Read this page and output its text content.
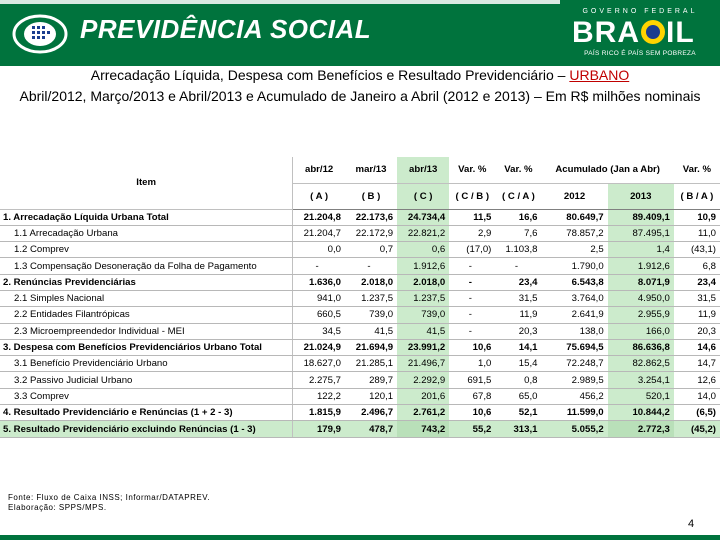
PREVIDÊNCIA SOCIAL
GOVERNO FEDERAL
BRA IL
PAÍS RICO É PAÍS SEM POBREZA
Arrecadação Líquida, Despesa com Benefícios e Resultado Previdenciário – URBANO
Abril/2012, Março/2013 e Abril/2013 e Acumulado de Janeiro a Abril (2012 e 2013) – Em R$ milhões nominais
Item	abr/12	mar/13	abr/13	Var. %	Var. %	Acumulado (Jan a Abr)		Var. %
	( A )	( B )	( C )	( C / B )	( C / A )	2012	2013	( B / A )
1. Arrecadação Líquida Urbana Total	21.204,8	22.173,6	24.734,4	11,5	16,6	80.649,7	89.409,1	10,9
1.1 Arrecadação Urbana	21.204,7	22.172,9	22.821,2	2,9	7,6	78.857,2	87.495,1	11,0
1.2 Comprev	0,0	0,7	0,6	(17,0)	1.103,8	2,5	1,4	(43,1)
1.3 Compensação Desoneração da Folha de Pagamento	-	-	1.912,6	-	-	1.790,0	1.912,6	6,8
2. Renúncias Previdenciárias	1.636,0	2.018,0	2.018,0	-	23,4	6.543,8	8.071,9	23,4
2.1 Simples Nacional	941,0	1.237,5	1.237,5	-	31,5	3.764,0	4.950,0	31,5
2.2 Entidades Filantrópicas	660,5	739,0	739,0	-	11,9	2.641,9	2.955,9	11,9
2.3 Microempreendedor Individual - MEI	34,5	41,5	41,5	-	20,3	138,0	166,0	20,3
3. Despesa com Benefícios Previdenciários Urbano Total	21.024,9	21.694,9	23.991,2	10,6	14,1	75.694,5	86.636,8	14,6
3.1 Benefício Previdenciário Urbano	18.627,0	21.285,1	21.496,7	1,0	15,4	72.248,7	82.862,5	14,7
3.2 Passivo Judicial Urbano	2.275,7	289,7	2.292,9	691,5	0,8	2.989,5	3.254,1	12,6
3.3 Comprev	122,2	120,1	201,6	67,8	65,0	456,2	520,1	14,0
4. Resultado Previdenciário e Renúncias (1 + 2 - 3)	1.815,9	2.496,7	2.761,2	10,6	52,1	11.599,0	10.844,2	(6,5)
5. Resultado Previdenciário excluindo Renúncias (1 - 3)	179,9	478,7	743,2	55,2	313,1	5.055,2	2.772,3	(45,2)
Fonte: Fluxo de Caixa INSS; Informar/DATAPREV.
Elaboração: SPPS/MPS.
4
